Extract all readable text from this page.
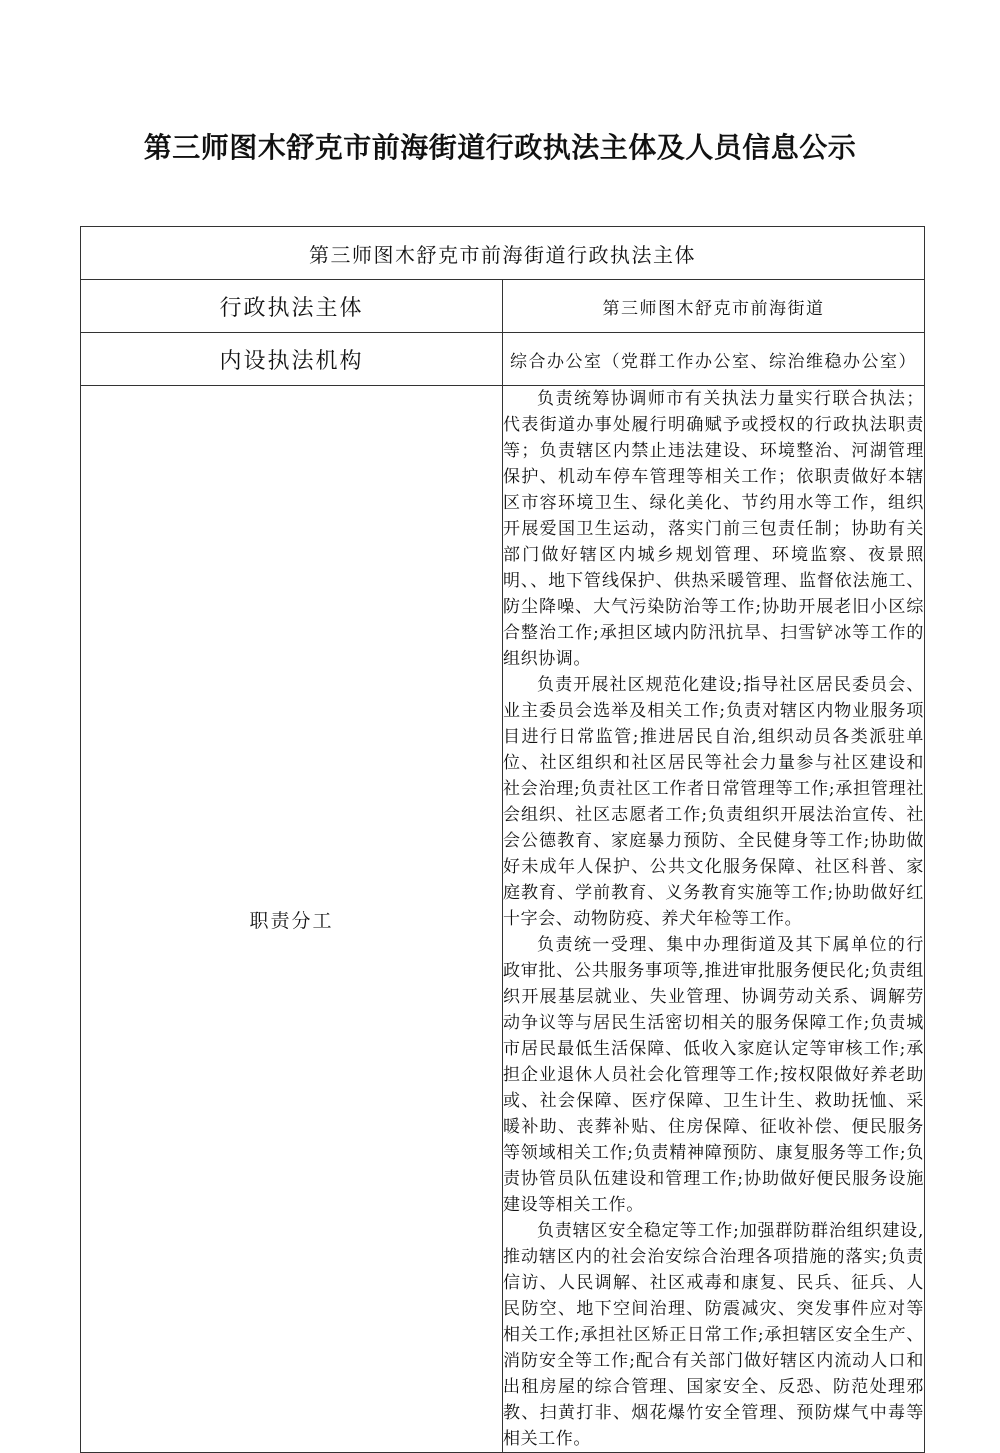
第三师图木舒克市前海街道行政执法主体及人员信息公示
第三师图木舒克市前海街道行政执法主体	
行政执法主体	第三师图木舒克市前海街道
内设执法机构	综合办公室（党群工作办公室、综治维稳办公室）
职责分工	负责统筹协调师市有关执法力量实行联合执法；代表街道办事处履行明确赋予或授权的行政执法职责等；负责辖区内禁止违法建设、环境整治、河湖管理保护、机动车停车管理等相关工作；依职责做好本辖区市容环境卫生、绿化美化、节约用水等工作，组织开展爱国卫生运动，落实门前三包责任制；协助有关部门做好辖区内城乡规划管理、环境监察、夜景照明、、地下管线保护、供热采暖管理、监督依法施工、防尘降噪、大气污染防治等工作;协助开展老旧小区综合整治工作;承担区域内防汛抗旱、扫雪铲冰等工作的组织协调。

负责开展社区规范化建设;指导社区居民委员会、业主委员会选举及相关工作;负责对辖区内物业服务项目进行日常监管;推进居民自治,组织动员各类派驻单位、社区组织和社区居民等社会力量参与社区建设和社会治理;负责社区工作者日常管理等工作;承担管理社会组织、社区志愿者工作;负责组织开展法治宣传、社会公德教育、家庭暴力预防、全民健身等工作;协助做好未成年人保护、公共文化服务保障、社区科普、家庭教育、学前教育、义务教育实施等工作;协助做好红十字会、动物防疫、养犬年检等工作。

负责统一受理、集中办理街道及其下属单位的行政审批、公共服务事项等,推进审批服务便民化;负责组织开展基层就业、失业管理、协调劳动关系、调解劳动争议等与居民生活密切相关的服务保障工作;负责城市居民最低生活保障、低收入家庭认定等审核工作;承担企业退休人员社会化管理等工作;按权限做好养老助或、社会保障、医疗保障、卫生计生、救助抚恤、采暖补助、丧葬补贴、住房保障、征收补偿、便民服务等领域相关工作;负责精神障预防、康复服务等工作;负责协管员队伍建设和管理工作;协助做好便民服务设施建设等相关工作。

负责辖区安全稳定等工作;加强群防群治组织建设,推动辖区内的社会治安综合治理各项措施的落实;负责信访、人民调解、社区戒毒和康复、民兵、征兵、人民防空、地下空间治理、防震减灾、突发事件应对等相关工作;承担社区矫正日常工作;承担辖区安全生产、消防安全等工作;配合有关部门做好辖区内流动人口和出租房屋的综合管理、国家安全、反恐、防范处理邪教、扫黄打非、烟花爆竹安全管理、预防煤气中毒等相关工作。
